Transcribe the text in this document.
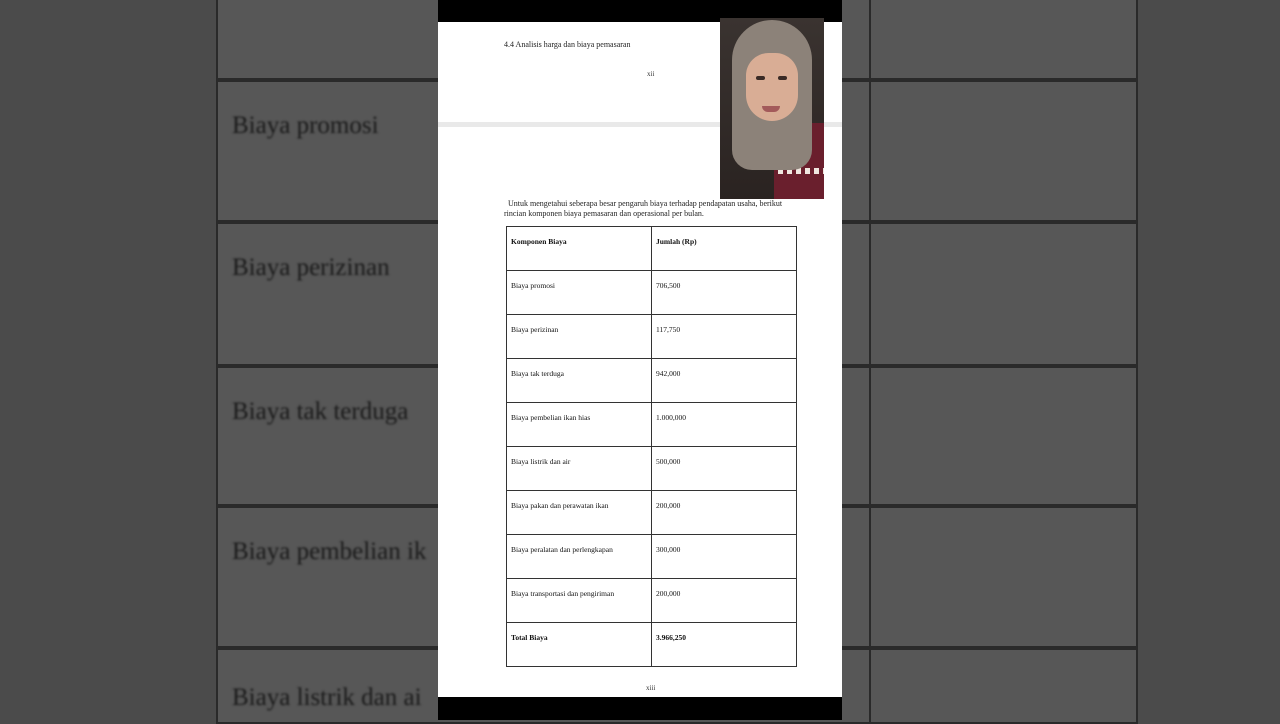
Biaya promosi
Biaya perizinan
Biaya tak terduga
Biaya pembelian ik
Biaya listrik dan ai
4.4 Analisis harga dan biaya pemasaran
xii
Untuk mengetahui seberapa besar pengaruh biaya terhadap pendapatan usaha, berikut rincian komponen biaya pemasaran dan operasional per bulan.
Komponen Biaya	Jumlah (Rp)
Biaya promosi	706,500
Biaya perizinan	117,750
Biaya tak terduga	942,000
Biaya pembelian ikan hias	1.000,000
Biaya listrik dan air	500,000
Biaya pakan dan perawatan ikan	200,000
Biaya peralatan dan perlengkapan	300,000
Biaya transportasi dan pengiriman	200,000
Total Biaya	3.966,250
xiii
